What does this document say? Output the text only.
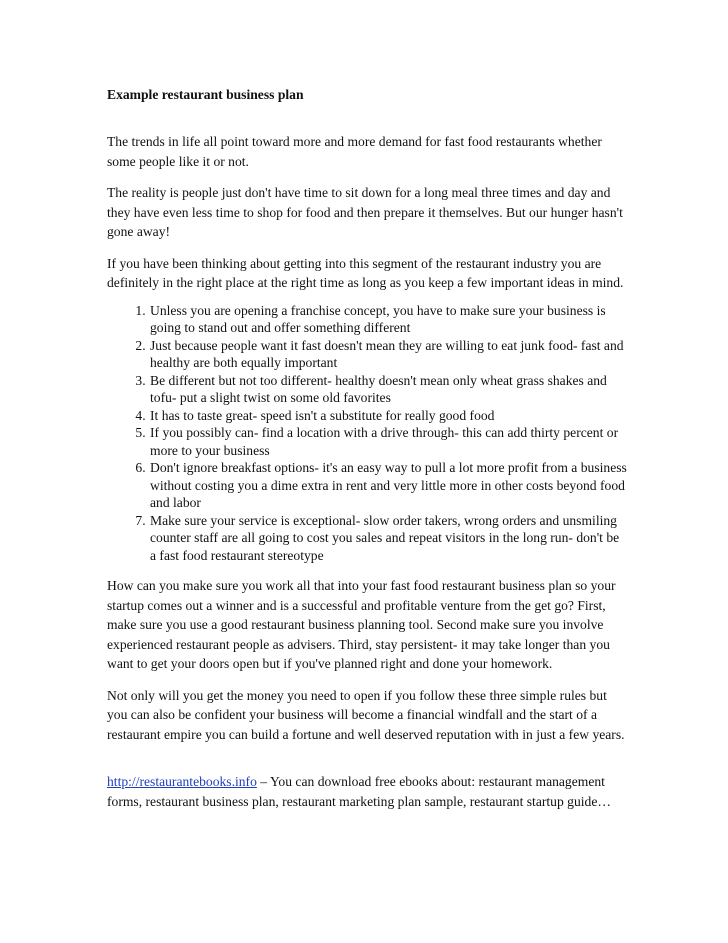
Example restaurant business plan

The trends in life all point toward more and more demand for fast food restaurants whether some people like it or not.

The reality is people just don't have time to sit down for a long meal three times and day and they have even less time to shop for food and then prepare it themselves. But our hunger hasn't gone away!

If you have been thinking about getting into this segment of the restaurant industry you are definitely in the right place at the right time as long as you keep a few important ideas in mind.

1. Unless you are opening a franchise concept, you have to make sure your business is going to stand out and offer something different
2. Just because people want it fast doesn't mean they are willing to eat junk food- fast and healthy are both equally important
3. Be different but not too different- healthy doesn't mean only wheat grass shakes and tofu- put a slight twist on some old favorites
4. It has to taste great- speed isn't a substitute for really good food
5. If you possibly can- find a location with a drive through- this can add thirty percent or more to your business
6. Don't ignore breakfast options- it's an easy way to pull a lot more profit from a business without costing you a dime extra in rent and very little more in other costs beyond food and labor
7. Make sure your service is exceptional- slow order takers, wrong orders and unsmiling counter staff are all going to cost you sales and repeat visitors in the long run- don't be a fast food restaurant stereotype

How can you make sure you work all that into your fast food restaurant business plan so your startup comes out a winner and is a successful and profitable venture from the get go? First, make sure you use a good restaurant business planning tool. Second make sure you involve experienced restaurant people as advisers. Third, stay persistent- it may take longer than you want to get your doors open but if you've planned right and done your homework.

Not only will you get the money you need to open if you follow these three simple rules but you can also be confident your business will become a financial windfall and the start of a restaurant empire you can build a fortune and well deserved reputation with in just a few years.

http://restaurantebooks.info – You can download free ebooks about: restaurant management forms, restaurant business plan, restaurant marketing plan sample, restaurant startup guide…
